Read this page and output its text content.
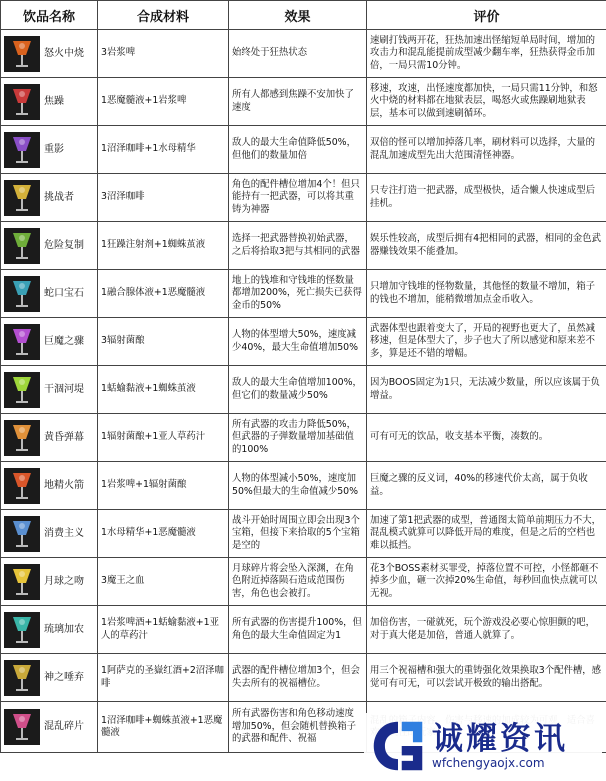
饮品名称	合成材料	效果	评价

怒火中烧	3岩浆啤	始终处于狂热状态	速刷打钱两开花，狂热加速出怪缩短单局时间，增加的攻击力和混乱能提前成型减少翻车率，狂热获得金币加倍，一局只需10分钟。

焦躁	1恶魔髓液+1岩浆啤	所有人都感到焦躁不安加快了速度	移速，攻速，出怪速度都加快，一局只需11分钟，和怒火中烧的材料都在地狱表层，喝怒火或焦躁刷地狱表层，基本可以做到速刷循环。

重影	1沼泽咖啡+1水母精华	敌人的最大生命值降低50%，但他们的数量加倍	双倍的怪可以增加掉落几率，刷材料可以选择，大量的混乱加速成型先出大范围清怪神器。

挑战者	3沼泽咖啡	角色的配件槽位增加4个！但只能持有一把武器，可以将其重铸为神器	只专注打造一把武器，成型极快，适合懒人快速成型后挂机。

危险复制	1狂躁注射剂+1蜘蛛茧液	选择一把武器替换初始武器，之后将拾取3把与其相同的武器	娱乐性较高，成型后拥有4把相同的武器，相同的金色武器赚钱效果不能叠加。

蛇口宝石	1融合腺体液+1恶魔髓液	地上的钱堆和守钱堆的怪数量都增加200%，死亡损失已获得金币的50%	只增加守钱堆的怪物数量，其他怪的数量不增加，箱子的钱也不增加，能稍微增加点金币收入。

巨魔之骤	3辐射菌酿	人物的体型增大50%，速度减少40%，最大生命值增加50%	武器体型也跟着变大了，开局的视野也更大了，虽然减移速，但是体型大了，步子也大了所以感觉和原来差不多，算是还不错的增幅。

干涸河堤	1蛞蝓黏液+1蜘蛛茧液	敌人的最大生命值增加100%，但它们的数量减少50%	因为BOOS固定为1只，无法减少数量，所以应该属于负增益。

黄昏弹幕	1辐射菌酿+1亚人草药汁	所有武器的攻击力降低50%，但武器的子弹数量增加基础值的100%	可有可无的饮品，收支基本平衡，凑数的。

地精火箭	1岩浆啤+1辐射菌酿	人物的体型减小50%，速度加50%但最大的生命值减少50%	巨魔之骤的反义词，40%的移速代价太高，属于负收益。

消费主义	1水母精华+1恶魔髓液	战斗开始时周围立即会出现3个宝箱，但接下来拾取的5个宝箱是空的	加速了第1把武器的成型，普通图太简单前期压力不大，混乱模式就算可以降低开局的难度，但是之后的空档也难以抵挡。

月球之吻	3魔王之血	月球碎片将会坠入深渊，在角色附近掉落陨石造成范围伤害，角色也会被打。	花3个BOSS素材买罪受，掉落位置不可控，小怪都砸不掉多少血，砸一次掉20%生命值，每秒回血快点就可以无视。

琉璃加农	1岩浆啤酒+1蛞蝓黏液+1亚人的草药汁	所有武器的伤害提升100%，但角色的最大生命值固定为1	加倍伤害，一碰就死，玩个游戏没必要心惊胆颤的吧，对于真大佬是加倍，普通人就算了。

神之唾弃	1阿萨克的圣嶽红酒+2沼泽咖啡	武器的配件槽位增加3个，但会失去所有的祝福槽位。	用三个祝福槽和强大的重铸强化效果换取3个配件槽，感觉可有可无，可以尝试开极致的输出搭配。

混乱碎片	1沼泽咖啡+蜘蛛茧液+1恶魔髓液	所有武器伤害和角色移动速度增加50%，但会随机替换箱子的武器和配件、祝福		诚耀资讯
wfchengyaojx.com
